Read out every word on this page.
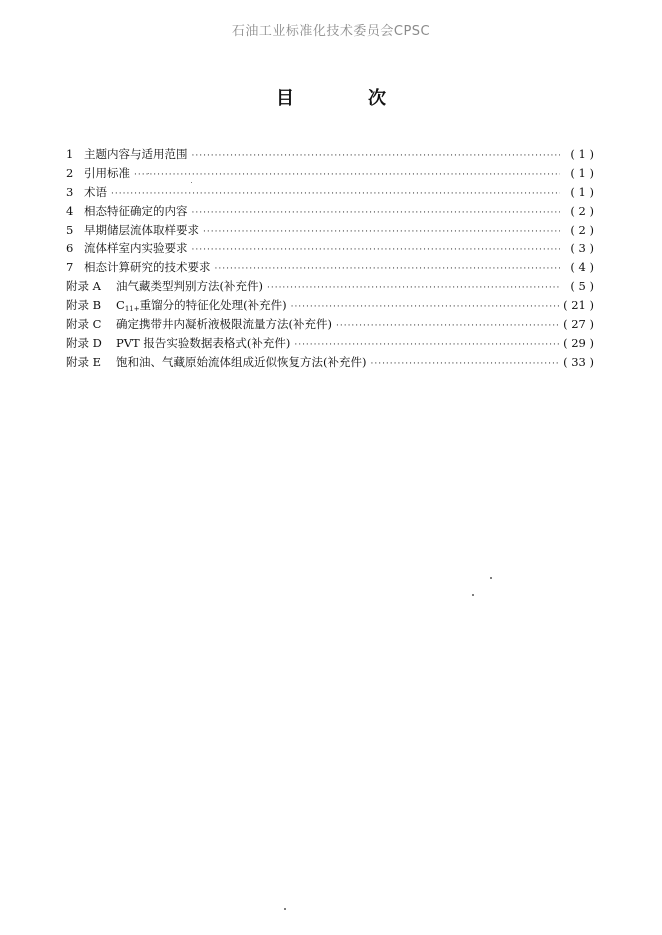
石油工业标准化技术委员会CPSC
目　次
1 主题内容与适用范围 ·····	( 1 )
2 引用标准 ·····	( 1 )
3 术语 ·····	( 1 )
4 相态特征确定的内容 ·····	( 2 )
5 早期储层流体取样要求 ·····	( 2 )
6 流体样室内实验要求 ·····	( 3 )
7 相态计算研究的技术要求 ·····	( 4 )
附录 A	油气藏类型判别方法(补充件) ·····	( 5 )
附录 B	$C_{11+}$重馏分的特征化处理(补充件) ·····	( 21 )
附录 C	确定携带井内凝析液极限流量方法(补充件) ·····	( 27 )
附录 D	PVT 报告实验数据表格式(补充件) ·····	( 29 )
附录 E	饱和油、气藏原始流体组成近似恢复方法(补充件) ·····	( 33 )
